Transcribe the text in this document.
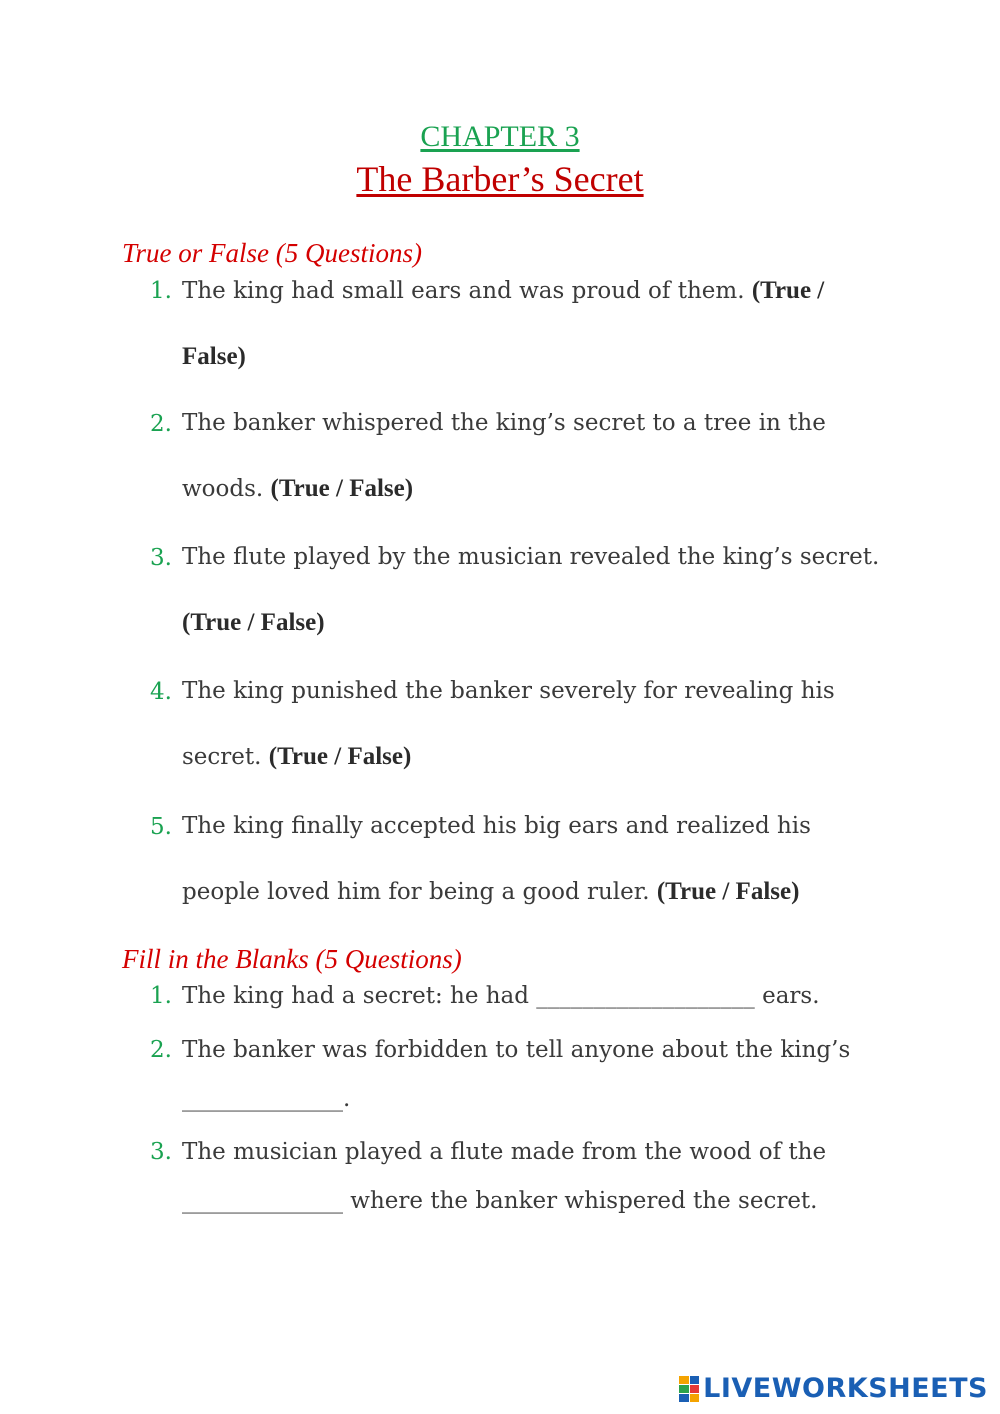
CHAPTER 3
The Barber’s Secret
True or False (5 Questions)
1. The king had small ears and was proud of them. (True / False)
2. The banker whispered the king’s secret to a tree in the woods. (True / False)
3. The flute played by the musician revealed the king’s secret. (True / False)
4. The king punished the banker severely for revealing his secret. (True / False)
5. The king finally accepted his big ears and realized his people loved him for being a good ruler. (True / False)
Fill in the Blanks (5 Questions)
1. The king had a secret: he had ___________________ ears.
2. The banker was forbidden to tell anyone about the king’s ______________.
3. The musician played a flute made from the wood of the ______________ where the banker whispered the secret.
LIVEWORKSHEETS
